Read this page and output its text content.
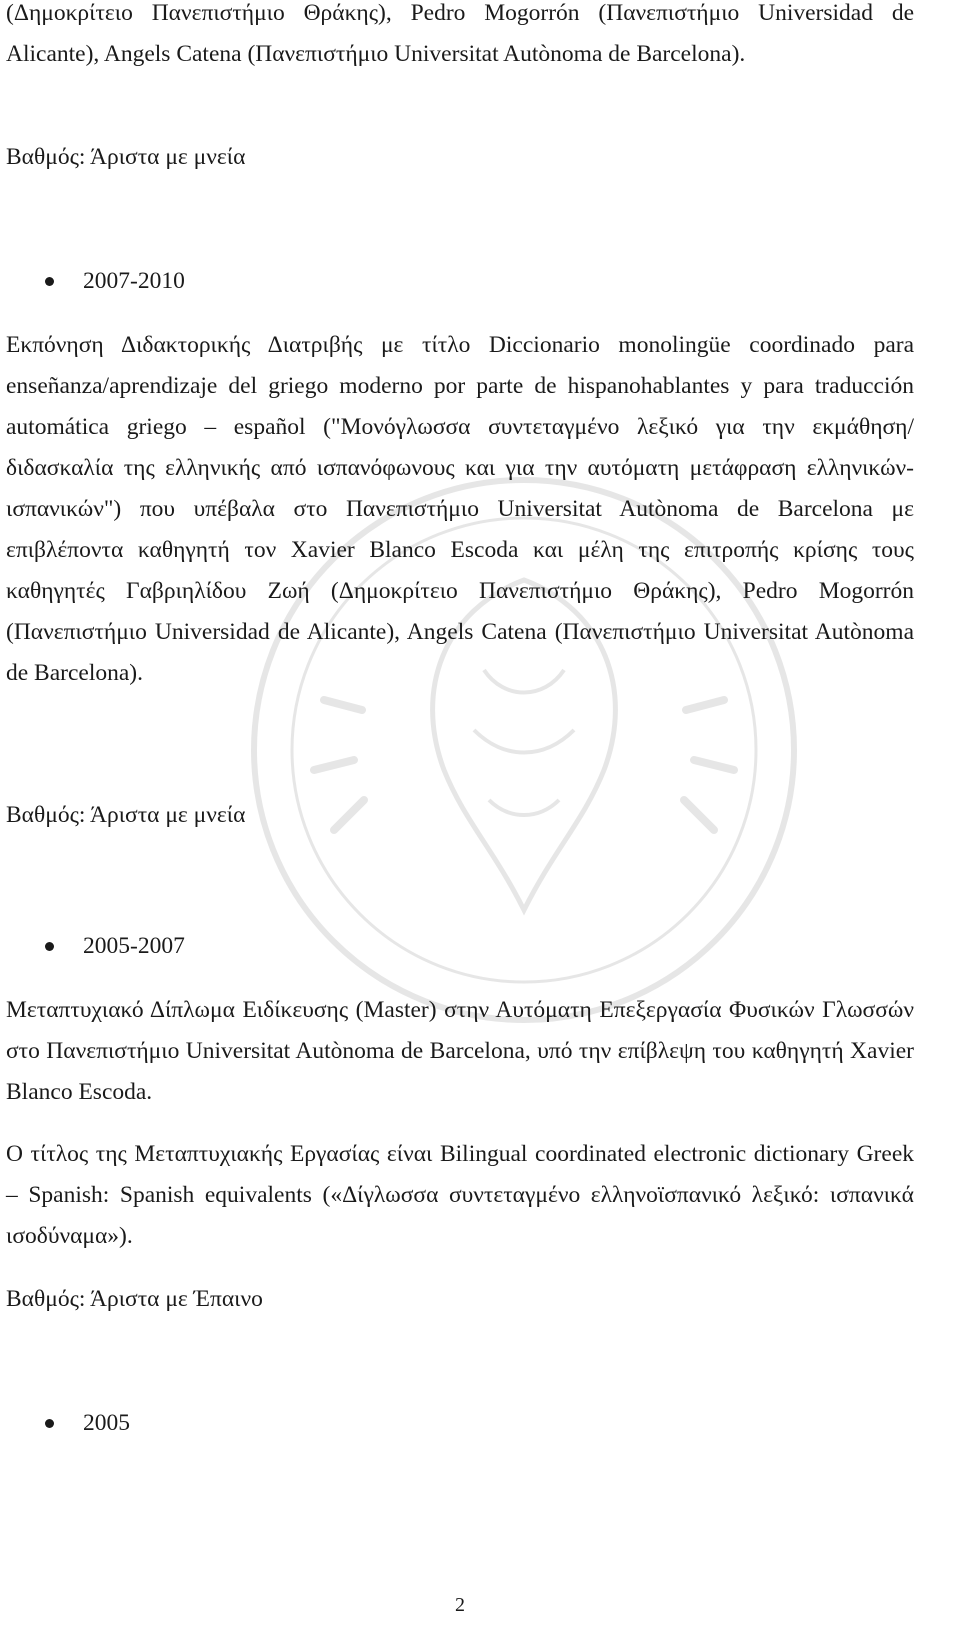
(Δημοκρίτειο Πανεπιστήμιο Θράκης), Pedro Mogorrón (Πανεπιστήμιο Universidad de Alicante), Angels Catena (Πανεπιστήμιο Universitat Autònoma de Barcelona).

Βαθμός: Άριστα με μνεία

2007-2010

Εκπόνηση Διδακτορικής Διατριβής με τίτλο Diccionario monolingüe coordinado para enseñanza/aprendizaje del griego moderno por parte de hispanohablantes y para traducción automática griego – español ("Μονόγλωσσα συντεταγμένο λεξικό για την εκμάθηση/διδασκαλία της ελληνικής από ισπανόφωνους και για την αυτόματη μετάφραση ελληνικών-ισπανικών") που υπέβαλα στο Πανεπιστήμιο Universitat Autònoma de Barcelona με επιβλέποντα καθηγητή τον Xavier Blanco Escoda και μέλη της επιτροπής κρίσης τους καθηγητές Γαβριηλίδου Ζωή (Δημοκρίτειο Πανεπιστήμιο Θράκης), Pedro Mogorrón (Πανεπιστήμιο Universidad de Alicante), Angels Catena (Πανεπιστήμιο Universitat Autònoma de Barcelona).

Βαθμός: Άριστα με μνεία

2005-2007

Μεταπτυχιακό Δίπλωμα Ειδίκευσης (Master) στην Αυτόματη Επεξεργασία Φυσικών Γλωσσών στο Πανεπιστήμιο Universitat Autònoma de Barcelona, υπό την επίβλεψη του καθηγητή Xavier Blanco Escoda.

Ο τίτλος της Μεταπτυχιακής Εργασίας είναι Bilingual coordinated electronic dictionary Greek – Spanish: Spanish equivalents («Δίγλωσσα συντεταγμένο ελληνοϊσπανικό λεξικό: ισπανικά ισοδύναμα»).

Βαθμός: Άριστα με Έπαινο

2005
2
